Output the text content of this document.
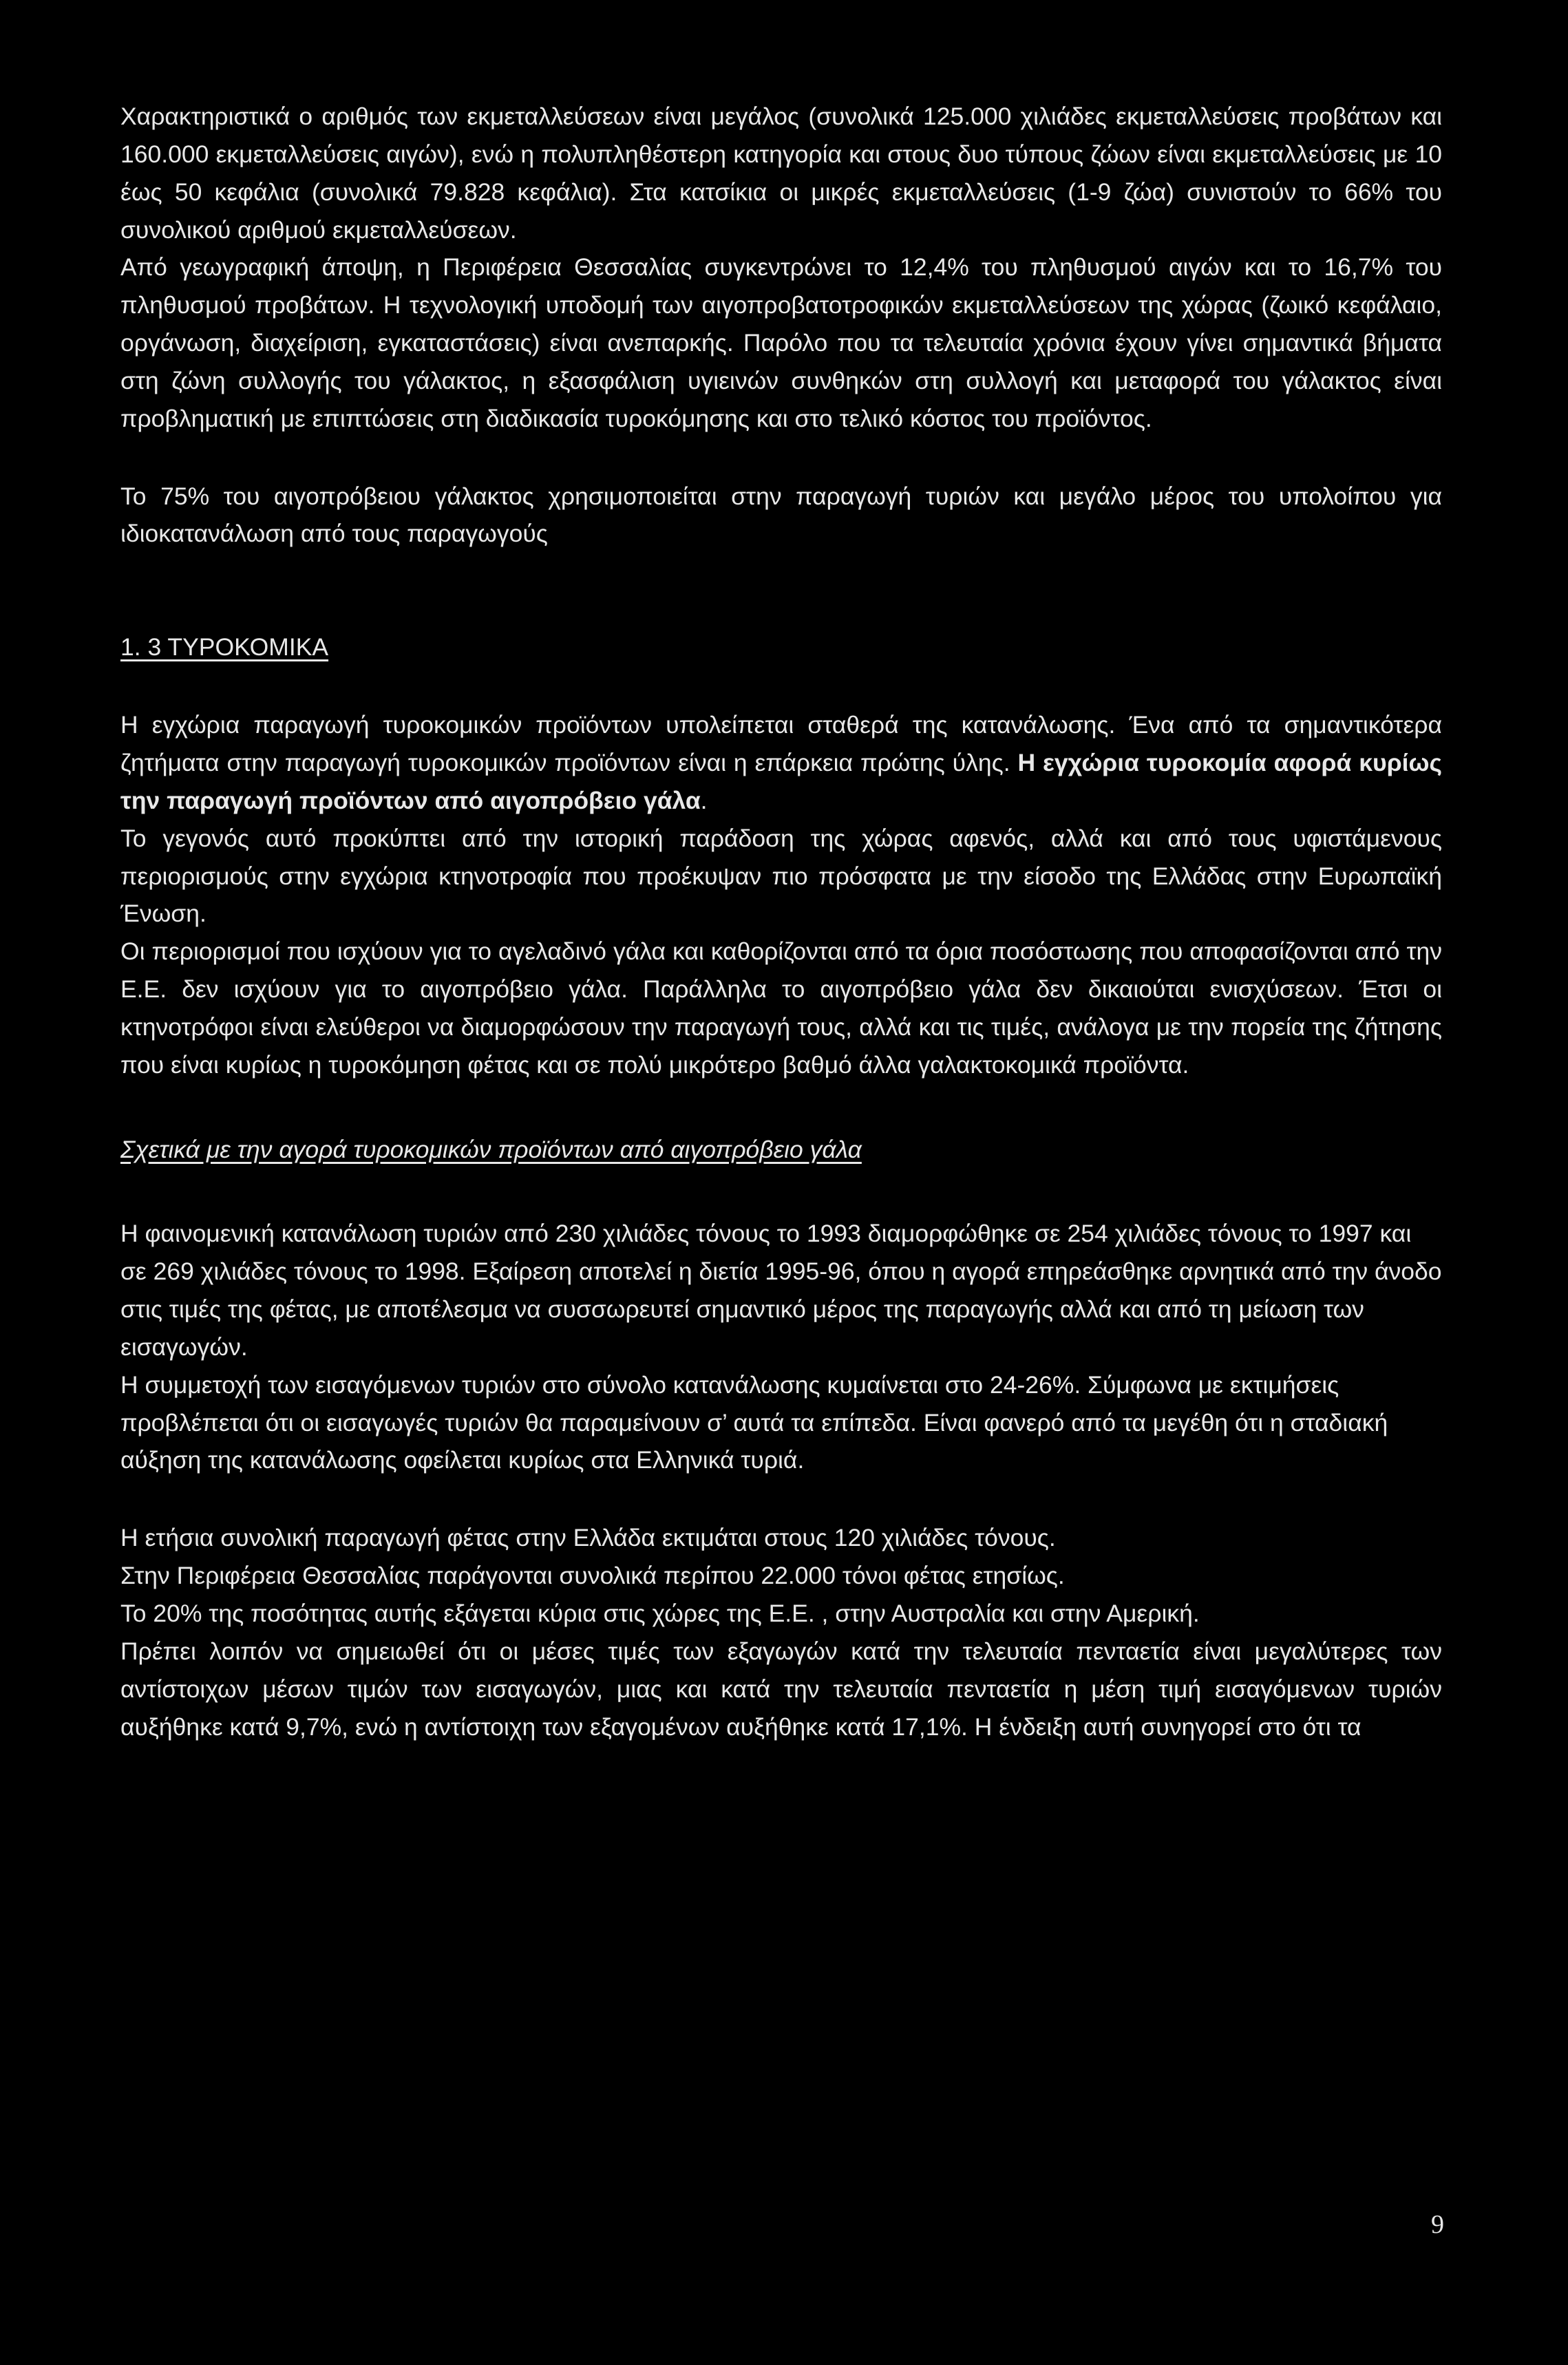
Χαρακτηριστικά ο αριθμός των εκμεταλλεύσεων είναι μεγάλος (συνολικά 125.000 χιλιάδες εκμεταλλεύσεις προβάτων και 160.000 εκμεταλλεύσεις αιγών), ενώ η πολυπληθέστερη κατηγορία και στους δυο τύπους ζώων είναι εκμεταλλεύσεις με 10 έως 50 κεφάλια (συνολικά 79.828 κεφάλια). Στα κατσίκια οι μικρές εκμεταλλεύσεις (1-9 ζώα) συνιστούν το 66% του συνολικού αριθμού εκμεταλλεύσεων.

Από γεωγραφική άποψη, η Περιφέρεια Θεσσαλίας συγκεντρώνει το 12,4% του πληθυσμού αιγών και το 16,7% του πληθυσμού προβάτων. Η τεχνολογική υποδομή των αιγοπροβατοτροφικών εκμεταλλεύσεων της χώρας (ζωικό κεφάλαιο, οργάνωση, διαχείριση, εγκαταστάσεις) είναι ανεπαρκής. Παρόλο που τα τελευταία χρόνια έχουν γίνει σημαντικά βήματα στη ζώνη συλλογής του γάλακτος, η εξασφάλιση υγιεινών συνθηκών στη συλλογή και μεταφορά του γάλακτος είναι προβληματική με επιπτώσεις στη διαδικασία τυροκόμησης και στο τελικό κόστος του προϊόντος.

Το 75% του αιγοπρόβειου γάλακτος χρησιμοποιείται στην παραγωγή τυριών και μεγάλο μέρος του υπολοίπου για ιδιοκατανάλωση από τους παραγωγούς

1. 3 ΤΥΡΟΚΟΜΙΚΑ

Η εγχώρια παραγωγή τυροκομικών προϊόντων υπολείπεται σταθερά της κατανάλωσης. Ένα από τα σημαντικότερα ζητήματα στην παραγωγή τυροκομικών προϊόντων είναι η επάρκεια πρώτης ύλης. Η εγχώρια τυροκομία αφορά κυρίως την παραγωγή προϊόντων από αιγοπρόβειο γάλα.

Το γεγονός αυτό προκύπτει από την ιστορική παράδοση της χώρας αφενός, αλλά και από τους υφιστάμενους περιορισμούς στην εγχώρια κτηνοτροφία που προέκυψαν πιο πρόσφατα με την είσοδο της Ελλάδας στην Ευρωπαϊκή Ένωση.

Οι περιορισμοί που ισχύουν για το αγελαδινό γάλα και καθορίζονται από τα όρια ποσόστωσης που αποφασίζονται από την Ε.Ε. δεν ισχύουν για το αιγοπρόβειο γάλα. Παράλληλα το αιγοπρόβειο γάλα δεν δικαιούται ενισχύσεων. Έτσι οι κτηνοτρόφοι είναι ελεύθεροι να διαμορφώσουν την παραγωγή τους, αλλά και τις τιμές, ανάλογα με την πορεία της ζήτησης που είναι κυρίως η τυροκόμηση φέτας και σε πολύ μικρότερο βαθμό άλλα γαλακτοκομικά προϊόντα.

Σχετικά με την αγορά τυροκομικών προϊόντων από αιγοπρόβειο γάλα

Η φαινομενική κατανάλωση τυριών από 230 χιλιάδες τόνους το 1993 διαμορφώθηκε σε 254 χιλιάδες τόνους το 1997 και σε 269 χιλιάδες τόνους το 1998. Εξαίρεση αποτελεί η διετία 1995-96, όπου η αγορά επηρεάσθηκε αρνητικά από την άνοδο στις τιμές της φέτας, με αποτέλεσμα να συσσωρευτεί σημαντικό μέρος της παραγωγής αλλά και από τη μείωση των εισαγωγών.

Η συμμετοχή των εισαγόμενων τυριών στο σύνολο κατανάλωσης κυμαίνεται στο 24-26%. Σύμφωνα με εκτιμήσεις προβλέπεται ότι οι εισαγωγές τυριών θα παραμείνουν σ’ αυτά τα επίπεδα. Είναι φανερό από τα μεγέθη ότι η σταδιακή αύξηση της κατανάλωσης οφείλεται κυρίως στα Ελληνικά τυριά.

Η ετήσια συνολική παραγωγή φέτας στην Ελλάδα εκτιμάται στους 120 χιλιάδες τόνους.

Στην Περιφέρεια Θεσσαλίας παράγονται συνολικά περίπου 22.000 τόνοι φέτας ετησίως.

Το 20% της ποσότητας αυτής εξάγεται κύρια στις χώρες της Ε.Ε. , στην Αυστραλία και στην Αμερική.

Πρέπει λοιπόν να σημειωθεί ότι οι μέσες τιμές των εξαγωγών κατά την τελευταία πενταετία είναι μεγαλύτερες των αντίστοιχων μέσων τιμών των εισαγωγών, μιας και κατά την τελευταία πενταετία η μέση τιμή εισαγόμενων τυριών αυξήθηκε κατά 9,7%, ενώ η αντίστοιχη των εξαγομένων αυξήθηκε κατά 17,1%. Η ένδειξη αυτή συνηγορεί στο ότι τα

9
